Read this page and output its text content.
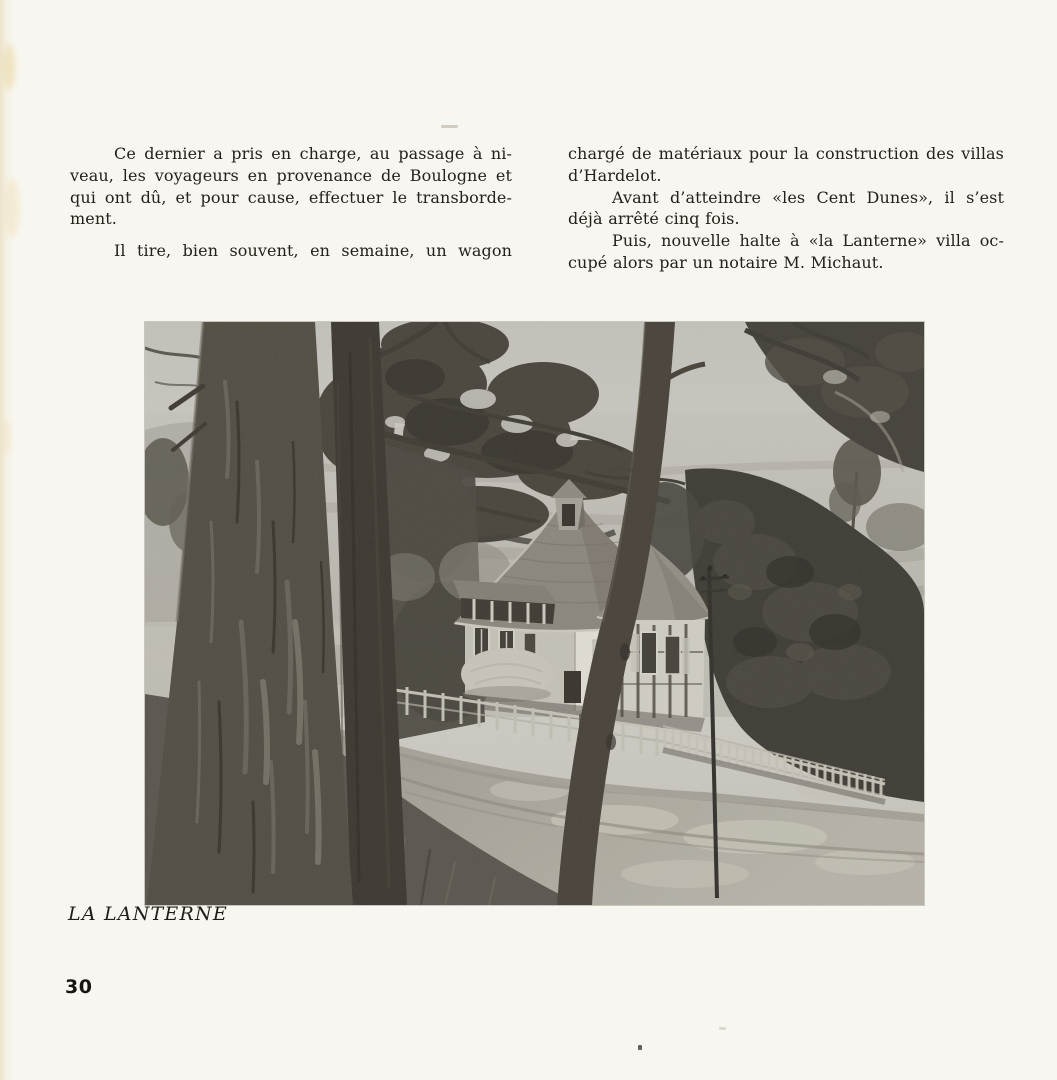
Ce dernier a pris en charge, au passage à ni-
veau, les voyageurs en provenance de Boulogne et
qui ont dû, et pour cause, effectuer le transborde-
ment.
Il tire, bien souvent, en semaine, un wagon
chargé de matériaux pour la construction des villas
d’Hardelot.
Avant d’atteindre «les Cent Dunes», il s’est
déjà arrêté cinq fois.
Puis, nouvelle halte à «la Lanterne» villa oc-
cupé alors par un notaire M. Michaut.
LA LANTERNE
30
